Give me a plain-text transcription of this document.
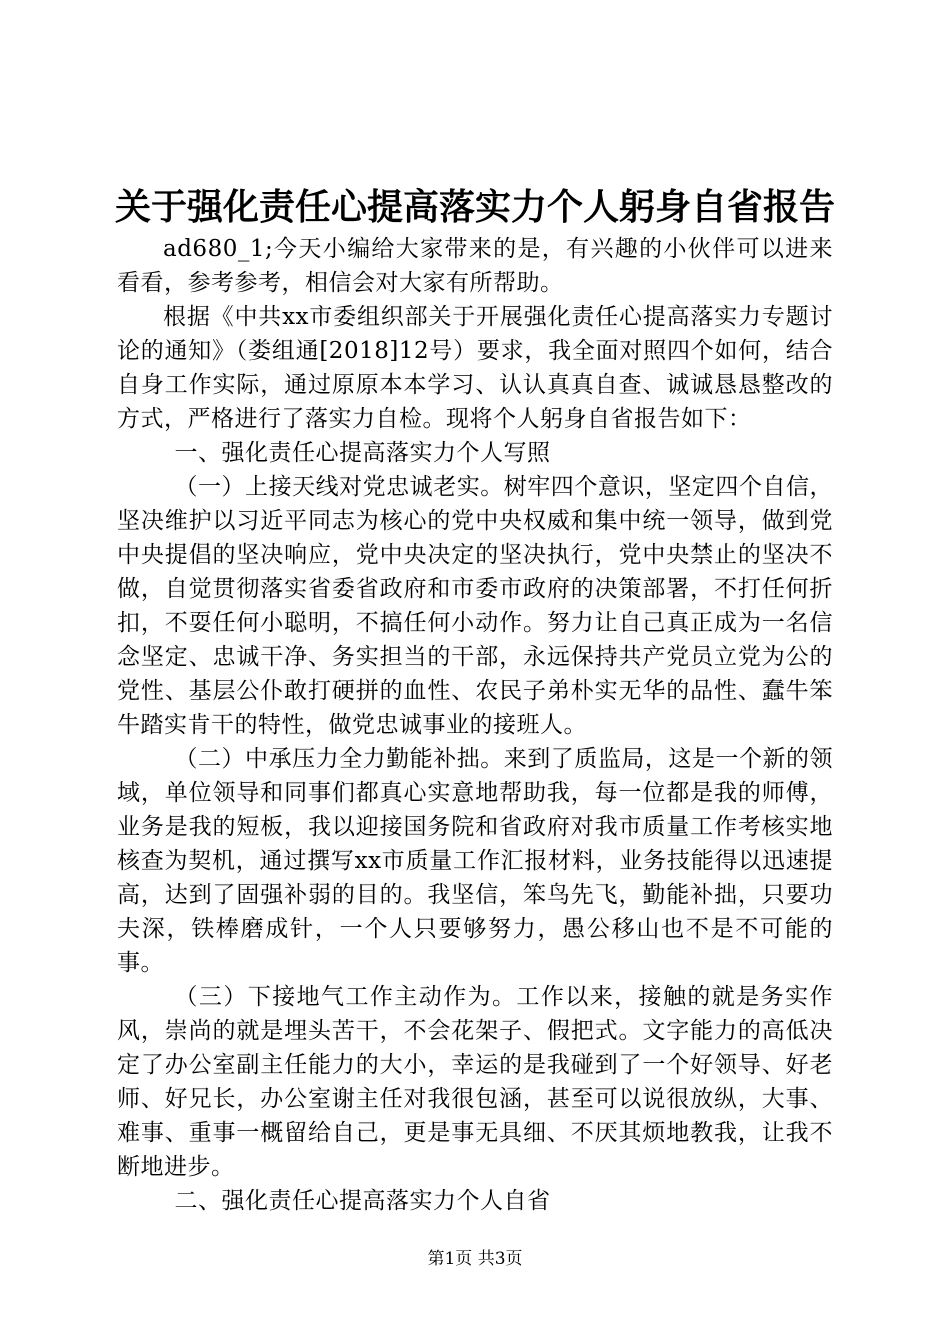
关于强化责任心提高落实力个人躬身自省报告

ad680_1;今天小编给大家带来的是，有兴趣的小伙伴可以进来看看，参考参考，相信会对大家有所帮助。

根据《中共xx市委组织部关于开展强化责任心提高落实力专题讨论的通知》（娄组通[2018]12号）要求，我全面对照四个如何，结合自身工作实际，通过原原本本学习、认认真真自查、诚诚恳恳整改的方式，严格进行了落实力自检。现将个人躬身自省报告如下：

一、强化责任心提高落实力个人写照

（一）上接天线对党忠诚老实。树牢四个意识，坚定四个自信，坚决维护以习近平同志为核心的党中央权威和集中统一领导，做到党中央提倡的坚决响应，党中央决定的坚决执行，党中央禁止的坚决不做，自觉贯彻落实省委省政府和市委市政府的决策部署，不打任何折扣，不耍任何小聪明，不搞任何小动作。努力让自己真正成为一名信念坚定、忠诚干净、务实担当的干部，永远保持共产党员立党为公的党性、基层公仆敢打硬拼的血性、农民子弟朴实无华的品性、蠢牛笨牛踏实肯干的特性，做党忠诚事业的接班人。

（二）中承压力全力勤能补拙。来到了质监局，这是一个新的领域，单位领导和同事们都真心实意地帮助我，每一位都是我的师傅，业务是我的短板，我以迎接国务院和省政府对我市质量工作考核实地核查为契机，通过撰写xx市质量工作汇报材料，业务技能得以迅速提高，达到了固强补弱的目的。我坚信，笨鸟先飞，勤能补拙，只要功夫深，铁棒磨成针，一个人只要够努力，愚公移山也不是不可能的事。

（三）下接地气工作主动作为。工作以来，接触的就是务实作风，崇尚的就是埋头苦干，不会花架子、假把式。文字能力的高低决定了办公室副主任能力的大小，幸运的是我碰到了一个好领导、好老师、好兄长，办公室谢主任对我很包涵，甚至可以说很放纵，大事、难事、重事一概留给自己，更是事无具细、不厌其烦地教我，让我不断地进步。

二、强化责任心提高落实力个人自省

第1页 共3页
